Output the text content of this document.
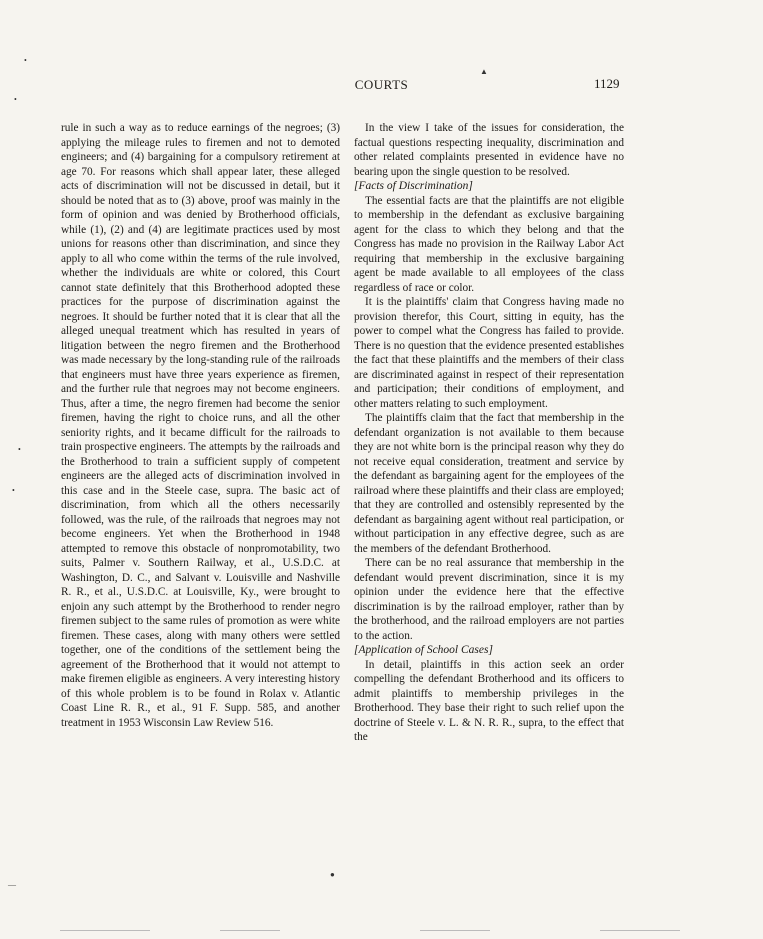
COURTS	1129

rule in such a way as to reduce earnings of the negroes; (3) applying the mileage rules to firemen and not to demoted engineers; and (4) bargaining for a compulsory retirement at age 70. For reasons which shall appear later, these alleged acts of discrimination will not be discussed in detail, but it should be noted that as to (3) above, proof was mainly in the form of opinion and was denied by Brotherhood officials, while (1), (2) and (4) are legitimate practices used by most unions for reasons other than discrimination, and since they apply to all who come within the terms of the rule involved, whether the individuals are white or colored, this Court cannot state definitely that this Brotherhood adopted these practices for the purpose of discrimination against the negroes. It should be further noted that it is clear that all the alleged unequal treatment which has resulted in years of litigation between the negro firemen and the Brotherhood was made necessary by the long-standing rule of the railroads that engineers must have three years experience as firemen, and the further rule that negroes may not become engineers. Thus, after a time, the negro firemen had become the senior firemen, having the right to choice runs, and all the other seniority rights, and it became difficult for the railroads to train prospective engineers. The attempts by the railroads and the Brotherhood to train a sufficient supply of competent engineers are the alleged acts of discrimination involved in this case and in the Steele case, supra. The basic act of discrimination, from which all the others necessarily followed, was the rule, of the railroads that negroes may not become engineers. Yet when the Brotherhood in 1948 attempted to remove this obstacle of nonpromotability, two suits, Palmer v. Southern Railway, et al., U.S.D.C. at Washington, D. C., and Salvant v. Louisville and Nashville R. R., et al., U.S.D.C. at Louisville, Ky., were brought to enjoin any such attempt by the Brotherhood to render negro firemen subject to the same rules of promotion as were white firemen. These cases, along with many others were settled together, one of the conditions of the settlement being the agreement of the Brotherhood that it would not attempt to make firemen eligible as engineers. A very interesting history of this whole problem is to be found in Rolax v. Atlantic Coast Line R. R., et al., 91 F. Supp. 585, and another treatment in 1953 Wisconsin Law Review 516.

In the view I take of the issues for consideration, the factual questions respecting inequality, discrimination and other related complaints presented in evidence have no bearing upon the single question to be resolved.

[Facts of Discrimination]

The essential facts are that the plaintiffs are not eligible to membership in the defendant as exclusive bargaining agent for the class to which they belong and that the Congress has made no provision in the Railway Labor Act requiring that membership in the exclusive bargaining agent be made available to all employees of the class regardless of race or color.

It is the plaintiffs' claim that Congress having made no provision therefor, this Court, sitting in equity, has the power to compel what the Congress has failed to provide. There is no question that the evidence presented establishes the fact that these plaintiffs and the members of their class are discriminated against in respect of their representation and participation; their conditions of employment, and other matters relating to such employment.

The plaintiffs claim that the fact that membership in the defendant organization is not available to them because they are not white born is the principal reason why they do not receive equal consideration, treatment and service by the defendant as bargaining agent for the employees of the railroad where these plaintiffs and their class are employed; that they are controlled and ostensibly represented by the defendant as bargaining agent without real participation, or without participation in any effective degree, such as are the members of the defendant Brotherhood.

There can be no real assurance that membership in the defendant would prevent discrimination, since it is my opinion under the evidence here that the effective discrimination is by the railroad employer, rather than by the brotherhood, and the railroad employers are not parties to the action.

[Application of School Cases]

In detail, plaintiffs in this action seek an order compelling the defendant Brotherhood and its officers to admit plaintiffs to membership privileges in the Brotherhood. They base their right to such relief upon the doctrine of Steele v. L. & N. R. R., supra, to the effect that the

•
•
▲
•
•
●
—
